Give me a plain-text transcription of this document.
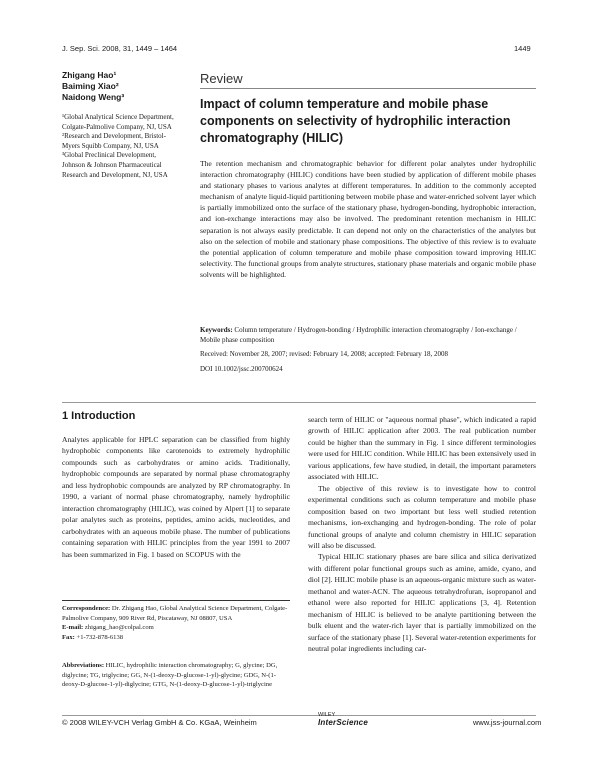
J. Sep. Sci. 2008, 31, 1449 – 1464	1449
Zhigang Hao¹
Baiming Xiao²
Naidong Weng³
¹Global Analytical Science Department, Colgate-Palmolive Company, NJ, USA
²Research and Development, Bristol-Myers Squibb Company, NJ, USA
³Global Preclinical Development, Johnson & Johnson Pharmaceutical Research and Development, NJ, USA
Review
Impact of column temperature and mobile phase components on selectivity of hydrophilic interaction chromatography (HILIC)
The retention mechanism and chromatographic behavior for different polar analytes under hydrophilic interaction chromatography (HILIC) conditions have been studied by application of different mobile phases and stationary phases to various analytes at different temperatures. In addition to the commonly accepted mechanism of analyte liquid-liquid partitioning between mobile phase and water-enriched solvent layer which is partially immobilized onto the surface of the stationary phase, hydrogen-bonding, hydrophobic interaction, and ion-exchange interactions may also be involved. The predominant retention mechanism in HILIC separation is not always easily predictable. It can depend not only on the characteristics of the analytes but also on the selection of mobile and stationary phase compositions. The objective of this review is to evaluate the potential application of column temperature and mobile phase composition toward improving HILIC selectivity. The functional groups from analyte structures, stationary phase materials and organic mobile phase solvents will be highlighted.
Keywords: Column temperature / Hydrogen-bonding / Hydrophilic interaction chromatography / Ion-exchange / Mobile phase composition
Received: November 28, 2007; revised: February 14, 2008; accepted: February 18, 2008
DOI 10.1002/jssc.200700624
1 Introduction
Analytes applicable for HPLC separation can be classified from highly hydrophobic components like carotenoids to extremely hydrophilic compounds such as carbohydrates or amino acids. Traditionally, hydrophobic compounds are separated by normal phase chromatography and less hydrophobic compounds are analyzed by RP chromatography. In 1990, a variant of normal phase chromatography, namely hydrophilic interaction chromatography (HILIC), was coined by Alpert [1] to separate polar analytes such as proteins, peptides, amino acids, nucleotides, and carbohydrates with an aqueous mobile phase. The number of publications containing separation with HILIC principles from the year 1991 to 2007 has been summarized in Fig. 1 based on SCOPUS with the

search term of HILIC or "aqueous normal phase", which indicated a rapid growth of HILIC application after 2003. The real publication number could be higher than the summary in Fig. 1 since different terminologies were used for HILIC condition. While HILIC has been extensively used in various applications, few have studied, in detail, the important parameters associated with HILIC.

The objective of this review is to investigate how to control experimental conditions such as column temperature and mobile phase composition based on two important but less well studied retention mechanisms, ion-exchanging and hydrogen-bonding. The role of polar functional groups of analyte and column chemistry in HILIC separation will also be discussed.

Typical HILIC stationary phases are bare silica and silica derivatized with different polar functional groups such as amine, amide, cyano, and diol [2]. HILIC mobile phase is an aqueous-organic mixture such as water-methanol and water-ACN. The aqueous tetrahydrofuran, isopropanol and ethanol were also reported for HILIC applications [3, 4]. Retention mechanism of HILIC is believed to be analyte partitioning between the bulk eluent and the water-rich layer that is partially immobilized on the surface of the stationary phase [1]. Several water-retention experiments for neutral polar ingredients including car-

Correspondence: Dr. Zhigang Hao, Global Analytical Science Department, Colgate-Palmolive Company, 909 River Rd, Piscataway, NJ 08807, USA
E-mail: zhigang_hao@colpal.com
Fax: +1-732-878-6138
Abbreviations: HILIC, hydrophilic interaction chromatography; G, glycine; DG, diglycine; TG, triglycine; GG, N-(1-deoxy-D-glucose-1-yl)-glycine; GDG, N-(1-deoxy-D-glucose-1-yl)-diglycine; GTG, N-(1-deoxy-D-glucose-1-yl)-triglycine
© 2008 WILEY-VCH Verlag GmbH & Co. KGaA, Weinheim
WILEY
InterScience	www.jss-journal.com
